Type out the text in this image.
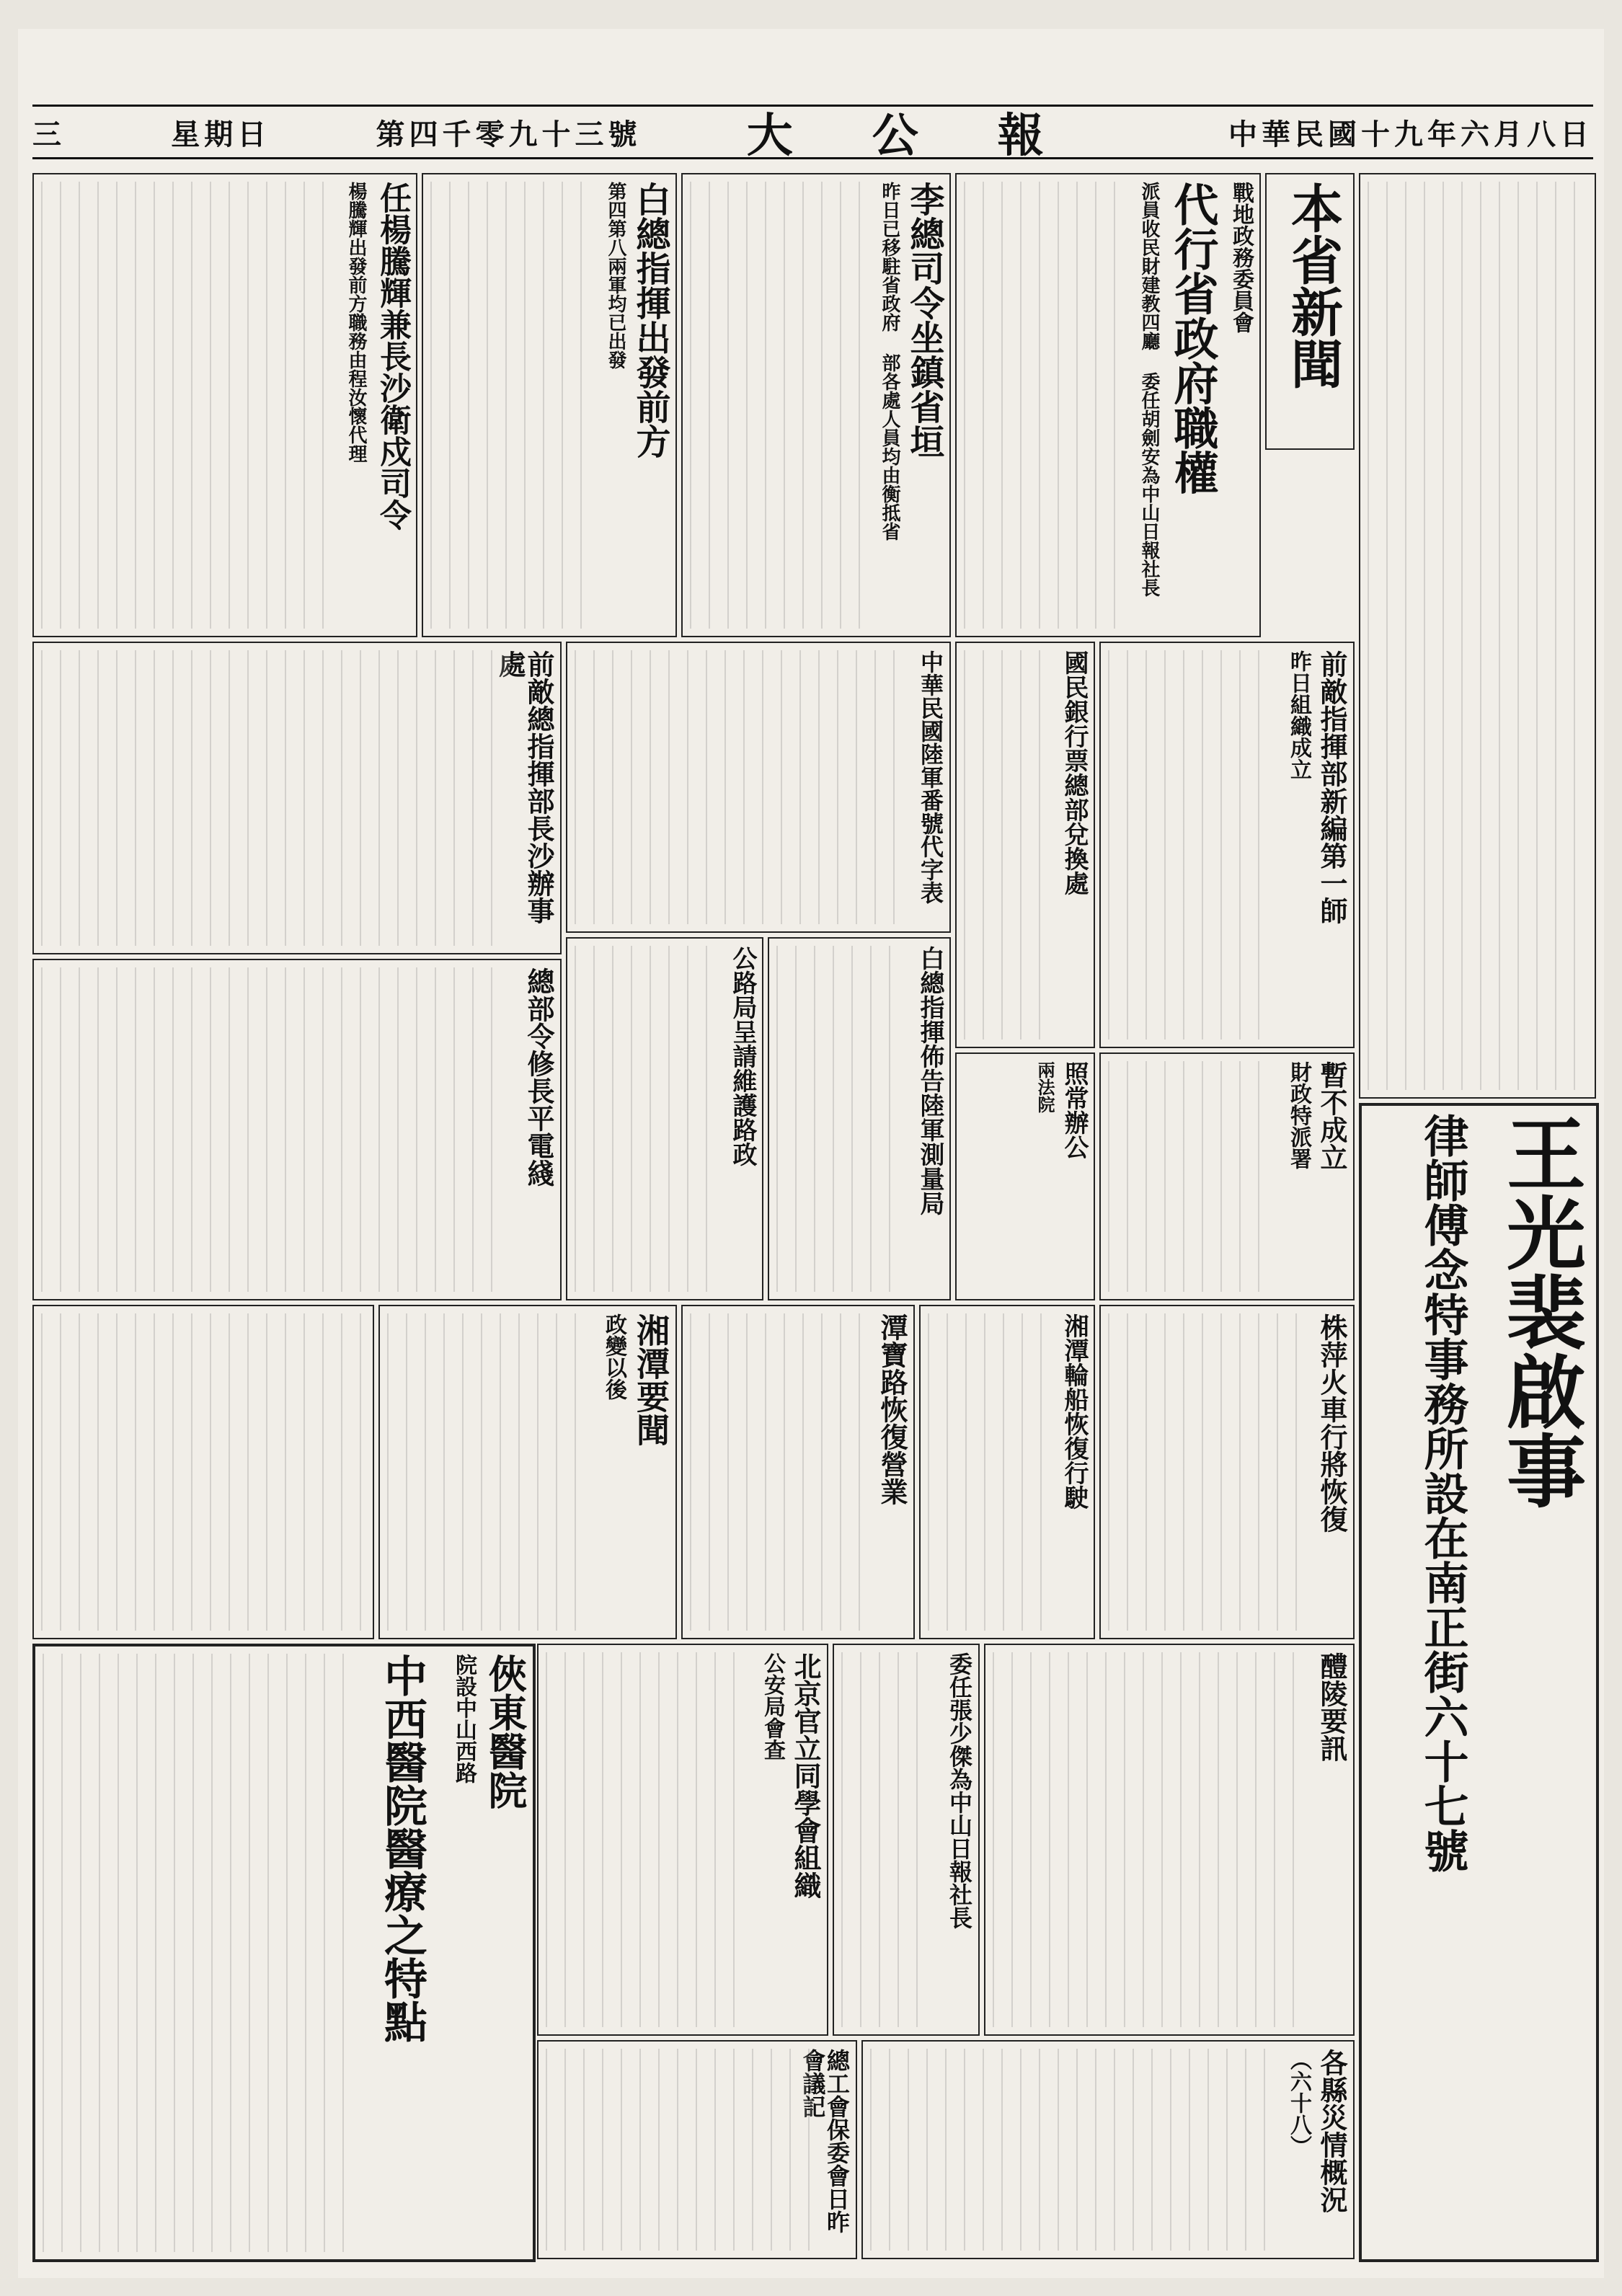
三	星期日	第四千零九十三號 大公報	中華民國十九年六月八日
本省新聞
戰地政務委員會
代行省政府職權
派員收民財建教四廳 委任胡劍安為中山日報社長
李總司令坐鎮省垣
昨日已移駐省政府 部各處人員均由衡抵省
白總指揮出發前方
第四第八兩軍均已出發
任楊騰輝兼長沙衛戍司令
楊騰輝出發前方職務由程汝懷代理
前敵指揮部新編第一師
昨日組織成立
國民銀行票總部兌換處
中華民國陸軍番號代字表
暫不成立
財政特派署
照常辦公
兩法院
白總指揮佈告陸軍測量局
公路局呈請維護路政
前敵總指揮部長沙辦事處
總部令修長平電綫
株萍火車行將恢復
湘潭輪船恢復行駛
潭寶路恢復營業
湘潭要聞
政變以後	王光裴啟事
律師傅念特事務所設在南正街六十七號
委任張少傑為中山日報社長	醴陵要訊
北京官立同學會組織
公安局會查
俠東醫院
院設中山西路
中西醫院醫療之特點
各縣災情概況
（六十八）
總工會保委會日昨會議記
